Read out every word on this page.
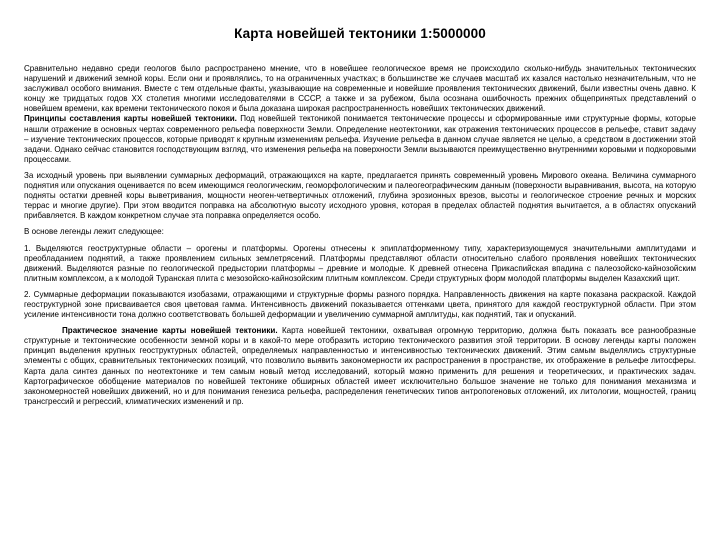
Карта новейшей тектоники 1:5000000

Сравнительно недавно среди геологов было распространено мнение, что в новейшее геологическое время не происходило сколько-нибудь значительных тектонических нарушений и движений земной коры. Если они и проявлялись, то на ограниченных участках; в большинстве же случаев масштаб их казался настолько незначительным, что не заслуживал особого внимания. Вместе с тем отдельные факты, указывающие на современные и новейшие проявления тектонических движений, были известны очень давно. К концу же тридцатых годов XX столетия многими исследователями в СССР, а также и за рубежом, была осознана ошибочность прежних общепринятых представлений о новейшем времени, как времени тектонического покоя и была доказана широкая распространенность новейших тектонических движений.

Принципы составления карты новейшей тектоники. Под новейшей тектоникой понимается тектонические процессы и сформированные ими структурные формы, которые нашли отражение в основных чертах современного рельефа поверхности Земли. Определение неотектоники, как отражения тектонических процессов в рельефе, ставит задачу – изучение тектонических процессов, которые приводят к крупным изменениям рельефа. Изучение рельефа в данном случае является не целью, а средством в достижении этой задачи. Однако сейчас становится господствующим взгляд, что изменения рельефа на поверхности Земли вызываются преимущественно внутренними коровыми и подкоровыми процессами.

За исходный уровень при выявлении суммарных деформаций, отражающихся на карте, предлагается принять современный уровень Мирового океана. Величина суммарного поднятия или опускания оценивается по всем имеющимся геологическим, геоморфологическим и палеогеографическим данным (поверхности выравнивания, высота, на которую подняты остатки древней коры выветривания, мощности неоген-четвертичных отложений, глубина эрозионных врезов, высоты и геологическое строение речных и морских террас и многие другие). При этом вводится поправка на абсолютную высоту исходного уровня, которая в пределах областей поднятия вычитается, а в областях опусканий прибавляется. В каждом конкретном случае эта поправка определяется особо.

В основе легенды лежит следующее:

1. Выделяются геоструктурные области – орогены и платформы. Орогены отнесены к эпиплатформенному типу, характеризующемуся значительными амплитудами и преобладанием поднятий, а также проявлением сильных землетрясений. Платформы представляют области относительно слабого проявления новейших тектонических движений. Выделяются разные по геологической предыстории платформы – древние и молодые. К древней отнесена Прикаспийская впадина с палеозойско-кайнозойским плитным комплексом, а к молодой Туранская плита с мезозойско-кайнозойским плитным комплексом. Среди структурных форм молодой платформы выделен Казахский щит.

2. Суммарные деформации показываются изобазами, отражающими и структурные формы разного порядка. Направленность движения на карте показана раскраской. Каждой геоструктурной зоне присваивается своя цветовая гамма. Интенсивность движений показывается оттенками цвета, принятого для каждой геоструктурной области. При этом усиление интенсивности тона должно соответствовать большей деформации и увеличению суммарной амплитуды, как поднятий, так и опусканий.

Практическое значение карты новейшей тектоники. Карта новейшей тектоники, охватывая огромную территорию, должна быть показать все разнообразные структурные и тектонические особенности земной коры и в какой-то мере отобразить историю тектонического развития этой территории. В основу легенды карты положен принцип выделения крупных геоструктурных областей, определяемых направленностью и интенсивностью тектонических движений. Этим самым выделялись структурные элементы с общих, сравнительных тектонических позиций, что позволило выявить закономерности их распространения в пространстве, их отображение в рельефе литосферы. Карта дала синтез данных по неотектонике и тем самым новый метод исследований, который можно применить для решения и теоретических, и практических задач. Картографическое обобщение материалов по новейшей тектонике обширных областей имеет исключительно большое значение не только для понимания механизма и закономерностей новейших движений, но и для понимания генезиса рельефа, распределения генетических типов антропогеновых отложений, их литологии, мощностей, границ трансгрессий и регрессий, климатических изменений и пр.
